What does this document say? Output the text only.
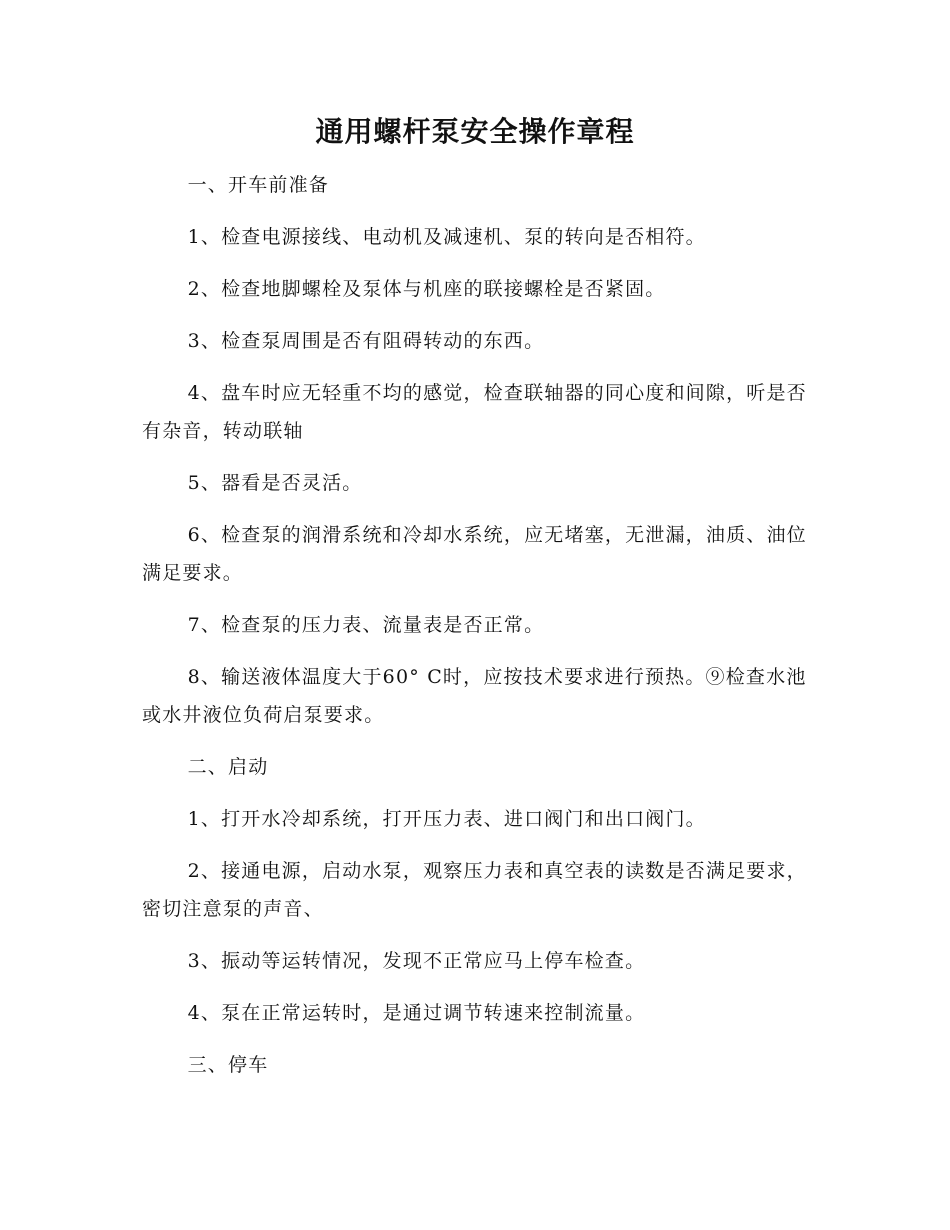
通用螺杆泵安全操作章程

一、开车前准备

1、检查电源接线、电动机及减速机、泵的转向是否相符。

2、检查地脚螺栓及泵体与机座的联接螺栓是否紧固。

3、检查泵周围是否有阻碍转动的东西。

4、盘车时应无轻重不均的感觉，检查联轴器的同心度和间隙，听是否有杂音，转动联轴

5、器看是否灵活。

6、检查泵的润滑系统和冷却水系统，应无堵塞，无泄漏，油质、油位满足要求。

7、检查泵的压力表、流量表是否正常。

8、输送液体温度大于60° C时，应按技术要求进行预热。⑨检查水池或水井液位负荷启泵要求。

二、启动

1、打开水冷却系统，打开压力表、进口阀门和出口阀门。

2、接通电源，启动水泵，观察压力表和真空表的读数是否满足要求，密切注意泵的声音、

3、振动等运转情况，发现不正常应马上停车检查。

4、泵在正常运转时，是通过调节转速来控制流量。

三、停车
